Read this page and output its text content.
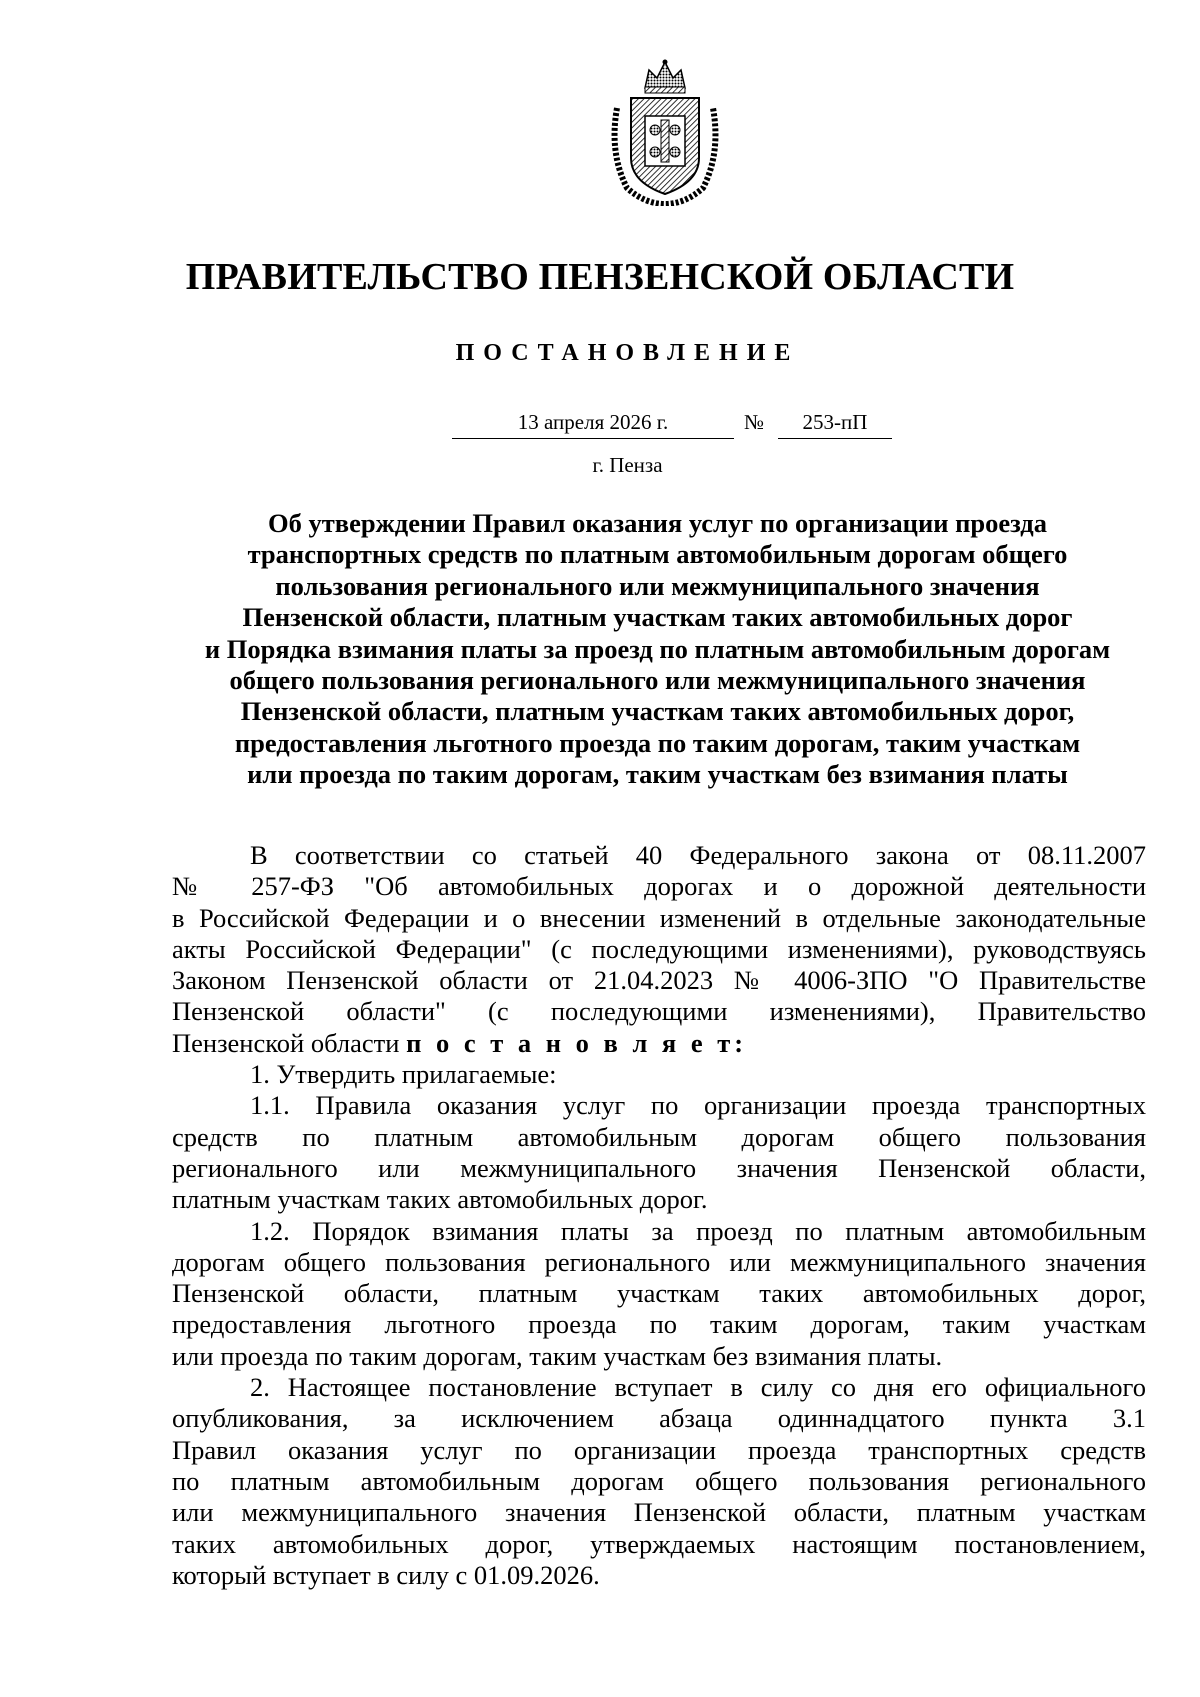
ПРАВИТЕЛЬСТВО ПЕНЗЕНСКОЙ ОБЛАСТИ
ПОСТАНОВЛЕНИЕ
13 апреля 2026 г.	№	253-пП
г. Пенза
Об утверждении Правил оказания услуг по организации проезда
транспортных средств по платным автомобильным дорогам общего
пользования регионального или межмуниципального значения
Пензенской области, платным участкам таких автомобильных дорог
и Порядка взимания платы за проезд по платным автомобильным дорогам
общего пользования регионального или межмуниципального значения
Пензенской области, платным участкам таких автомобильных дорог,
предоставления льготного проезда по таким дорогам, таким участкам
или проезда по таким дорогам, таким участкам без взимания платы
В соответствии со статьей 40 Федерального закона от 08.11.2007
№ 257-ФЗ "Об автомобильных дорогах и о дорожной деятельности
в Российской Федерации и о внесении изменений в отдельные законодательные
акты Российской Федерации" (с последующими изменениями), руководствуясь
Законом Пензенской области от 21.04.2023 № 4006-ЗПО "О Правительстве
Пензенской области" (с последующими изменениями), Правительство
Пензенской области п о с т а н о в л я е т:
1. Утвердить прилагаемые:
1.1. Правила оказания услуг по организации проезда транспортных
средств по платным автомобильным дорогам общего пользования
регионального или межмуниципального значения Пензенской области,
платным участкам таких автомобильных дорог.
1.2. Порядок взимания платы за проезд по платным автомобильным
дорогам общего пользования регионального или межмуниципального значения
Пензенской области, платным участкам таких автомобильных дорог,
предоставления льготного проезда по таким дорогам, таким участкам
или проезда по таким дорогам, таким участкам без взимания платы.
2. Настоящее постановление вступает в силу со дня его официального
опубликования, за исключением абзаца одиннадцатого пункта 3.1
Правил оказания услуг по организации проезда транспортных средств
по платным автомобильным дорогам общего пользования регионального
или межмуниципального значения Пензенской области, платным участкам
таких автомобильных дорог, утверждаемых настоящим постановлением,
который вступает в силу с 01.09.2026.
